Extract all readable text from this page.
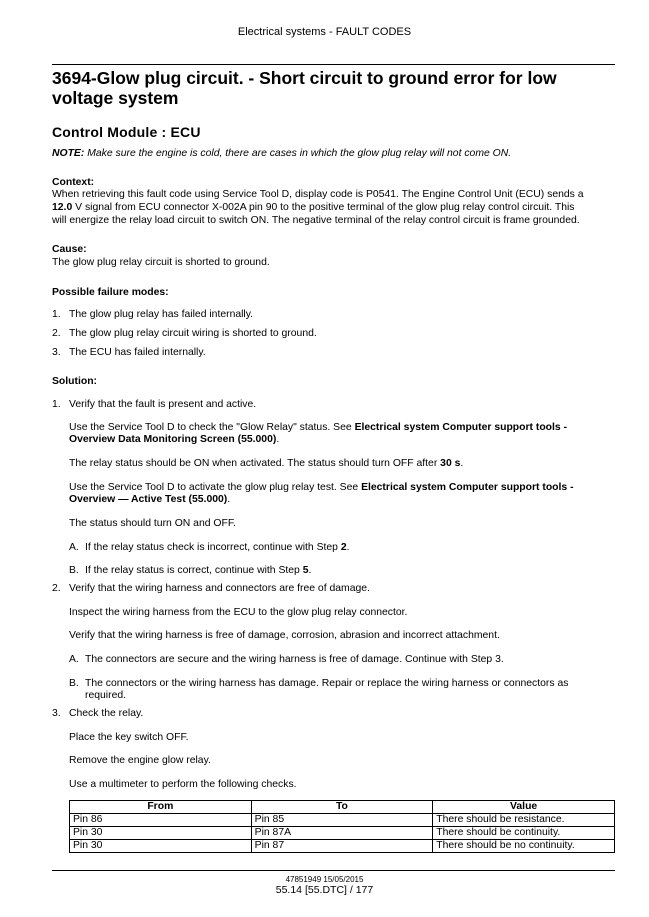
Electrical systems - FAULT CODES
3694-Glow plug circuit. - Short circuit to ground error for low
voltage system
Control Module : ECU
NOTE: Make sure the engine is cold, there are cases in which the glow plug relay will not come ON.
Context:
When retrieving this fault code using Service Tool D, display code is P0541. The Engine Control Unit (ECU) sends a
12.0 V signal from ECU connector X-002A pin 90 to the positive terminal of the glow plug relay control circuit. This
will energize the relay load circuit to switch ON. The negative terminal of the relay control circuit is frame grounded.
Cause:
The glow plug relay circuit is shorted to ground.
Possible failure modes:
1. The glow plug relay has failed internally.
2. The glow plug relay circuit wiring is shorted to ground.
3. The ECU has failed internally.
Solution:
1. Verify that the fault is present and active.
Use the Service Tool D to check the "Glow Relay" status. See Electrical system Computer support tools -
Overview Data Monitoring Screen (55.000).
The relay status should be ON when activated. The status should turn OFF after 30 s.
Use the Service Tool D to activate the glow plug relay test. See Electrical system Computer support tools -
Overview — Active Test (55.000).
The status should turn ON and OFF.
A. If the relay status check is incorrect, continue with Step 2.
B. If the relay status is correct, continue with Step 5.
2. Verify that the wiring harness and connectors are free of damage.
Inspect the wiring harness from the ECU to the glow plug relay connector.
Verify that the wiring harness is free of damage, corrosion, abrasion and incorrect attachment.
A. The connectors are secure and the wiring harness is free of damage. Continue with Step 3.
B. The connectors or the wiring harness has damage. Repair or replace the wiring harness or connectors as
required.
3. Check the relay.
Place the key switch OFF.
Remove the engine glow relay.
Use a multimeter to perform the following checks.
From	To	Value
Pin 86	Pin 85	There should be resistance.
Pin 30	Pin 87A	There should be continuity.
Pin 30	Pin 87	There should be no continuity.
47851949 15/05/2015
55.14 [55.DTC] / 177
